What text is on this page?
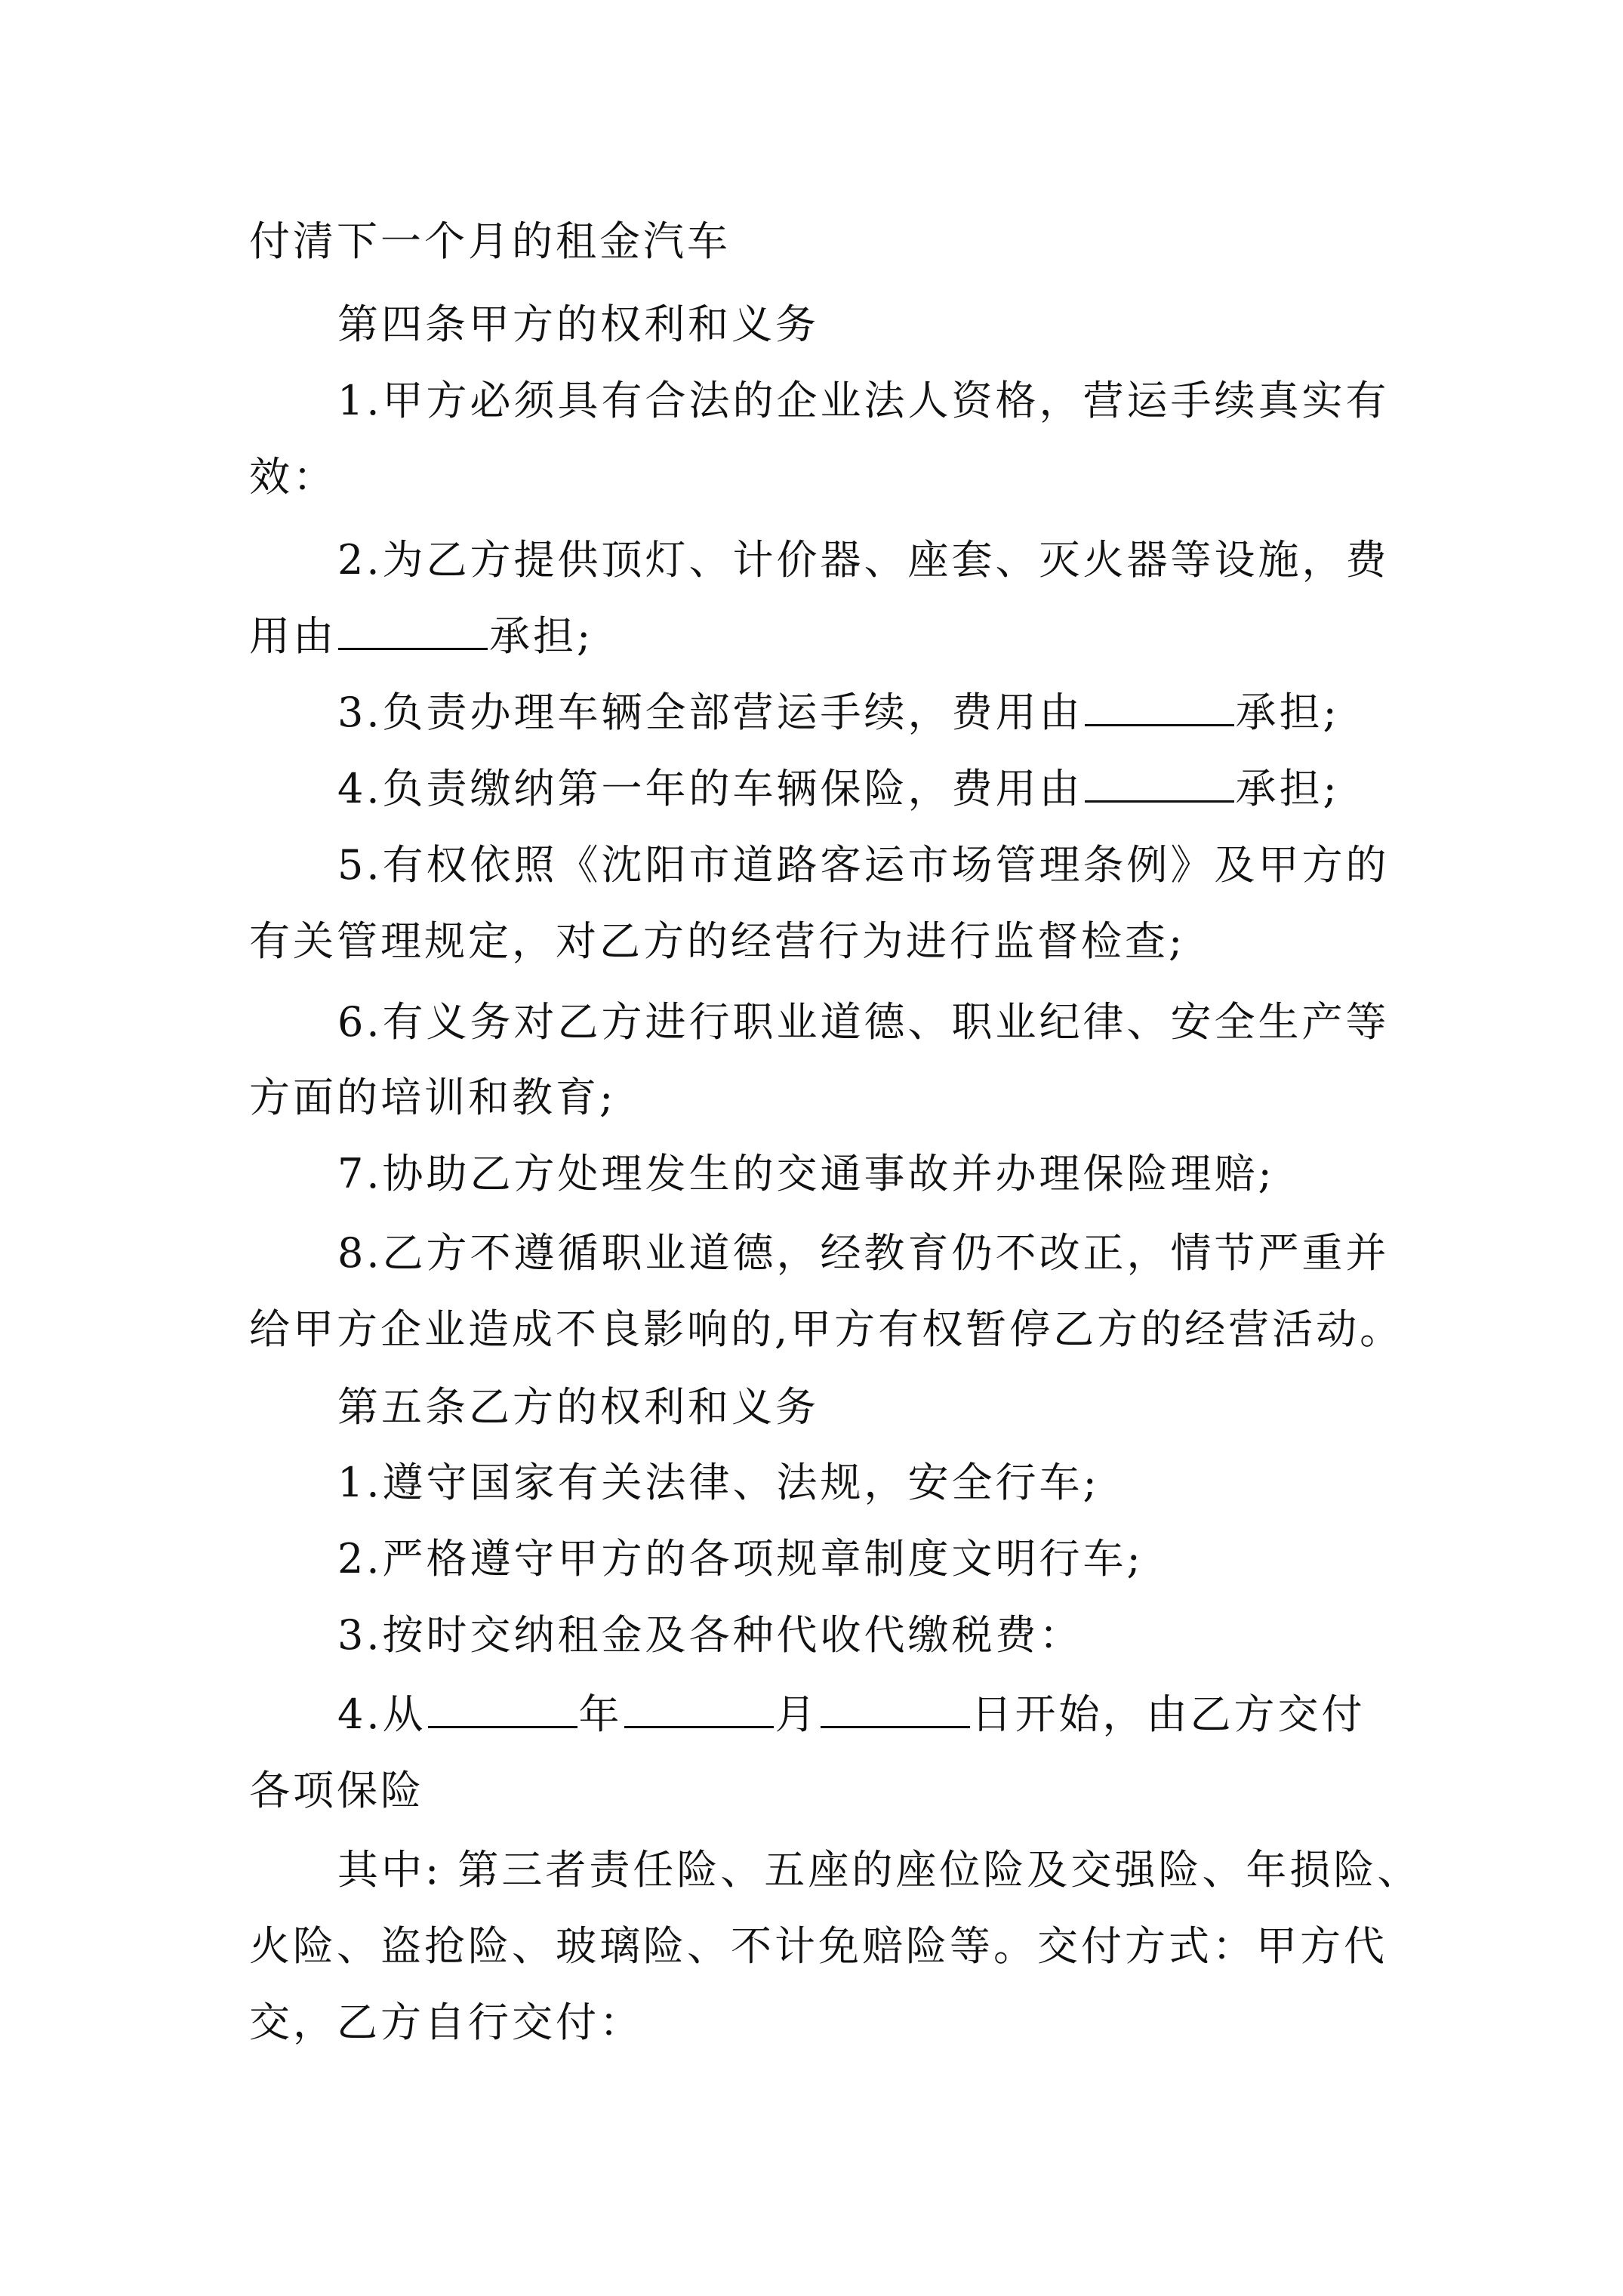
付清下一个月的租金汽车
第四条甲方的权利和义务
1.甲方必须具有合法的企业法人资格，营运手续真实有
效：
2.为乙方提供顶灯、计价器、座套、灭火器等设施，费
用由	承担;
3.负责办理车辆全部营运手续，费用由	承担;
4.负责缴纳第一年的车辆保险，费用由	承担;
5.有权依照《沈阳市道路客运市场管理条例》及甲方的
有关管理规定，对乙方的经营行为进行监督检查;
6.有义务对乙方进行职业道德、职业纪律、安全生产等
方面的培训和教育;
7.协助乙方处理发生的交通事故并办理保险理赔;
8.乙方不遵循职业道德，经教育仍不改正，情节严重并
给甲方企业造成不良影响的,甲方有权暂停乙方的经营活动。
第五条乙方的权利和义务
1.遵守国家有关法律、法规，安全行车;
2.严格遵守甲方的各项规章制度文明行车;
3.按时交纳租金及各种代收代缴税费：
4.从	年	月	日开始，由乙方交付
各项保险
其中: 第三者责任险、五座的座位险及交强险、年损险、
火险、盗抢险、玻璃险、不计免赔险等。交付方式：甲方代
交，乙方自行交付：
